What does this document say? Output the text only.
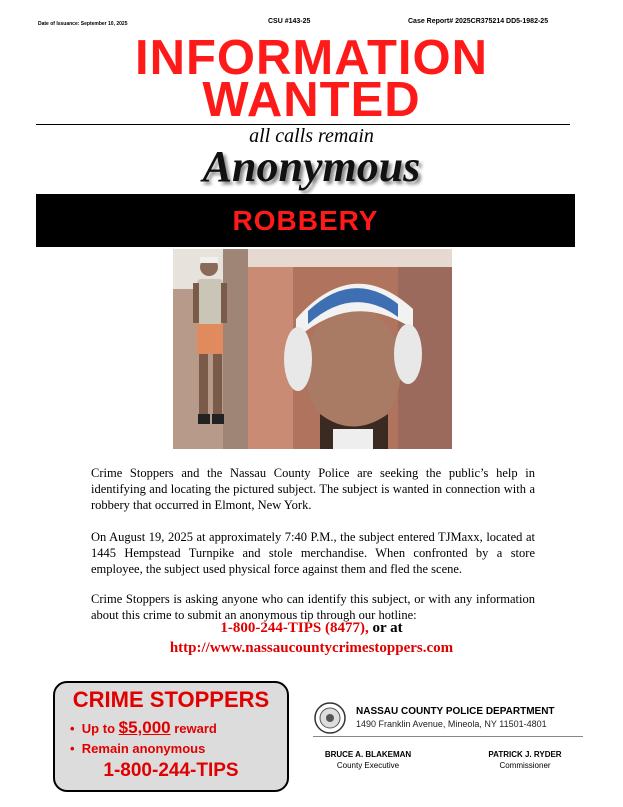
Date of Issuance: September 10, 2025	CSU #143-25	Case Report# 2025CR375214 DD5-1982-25
INFORMATION
WANTED
all calls remain
Anonymous
ROBBERY
Crime Stoppers and the Nassau County Police are seeking the public’s help in identifying and locating the pictured subject. The subject is wanted in connection with a robbery that occurred in Elmont, New York.
On August 19, 2025 at approximately 7:40 P.M., the subject entered TJMaxx, located at 1445 Hempstead Turnpike and stole merchandise. When confronted by a store employee, the subject used physical force against them and fled the scene.
Crime Stoppers is asking anyone who can identify this subject, or with any information about this crime to submit an anonymous tip through our hotline:
1-800-244-TIPS (8477), or at
http://www.nassaucountycrimestoppers.com
CRIME STOPPERS
• Up to $5,000 reward
• Remain anonymous
1-800-244-TIPS
NASSAU COUNTY POLICE DEPARTMENT
1490 Franklin Avenue, Mineola, NY 11501-4801
BRUCE A. BLAKEMAN
County Executive
PATRICK J. RYDER
Commissioner
